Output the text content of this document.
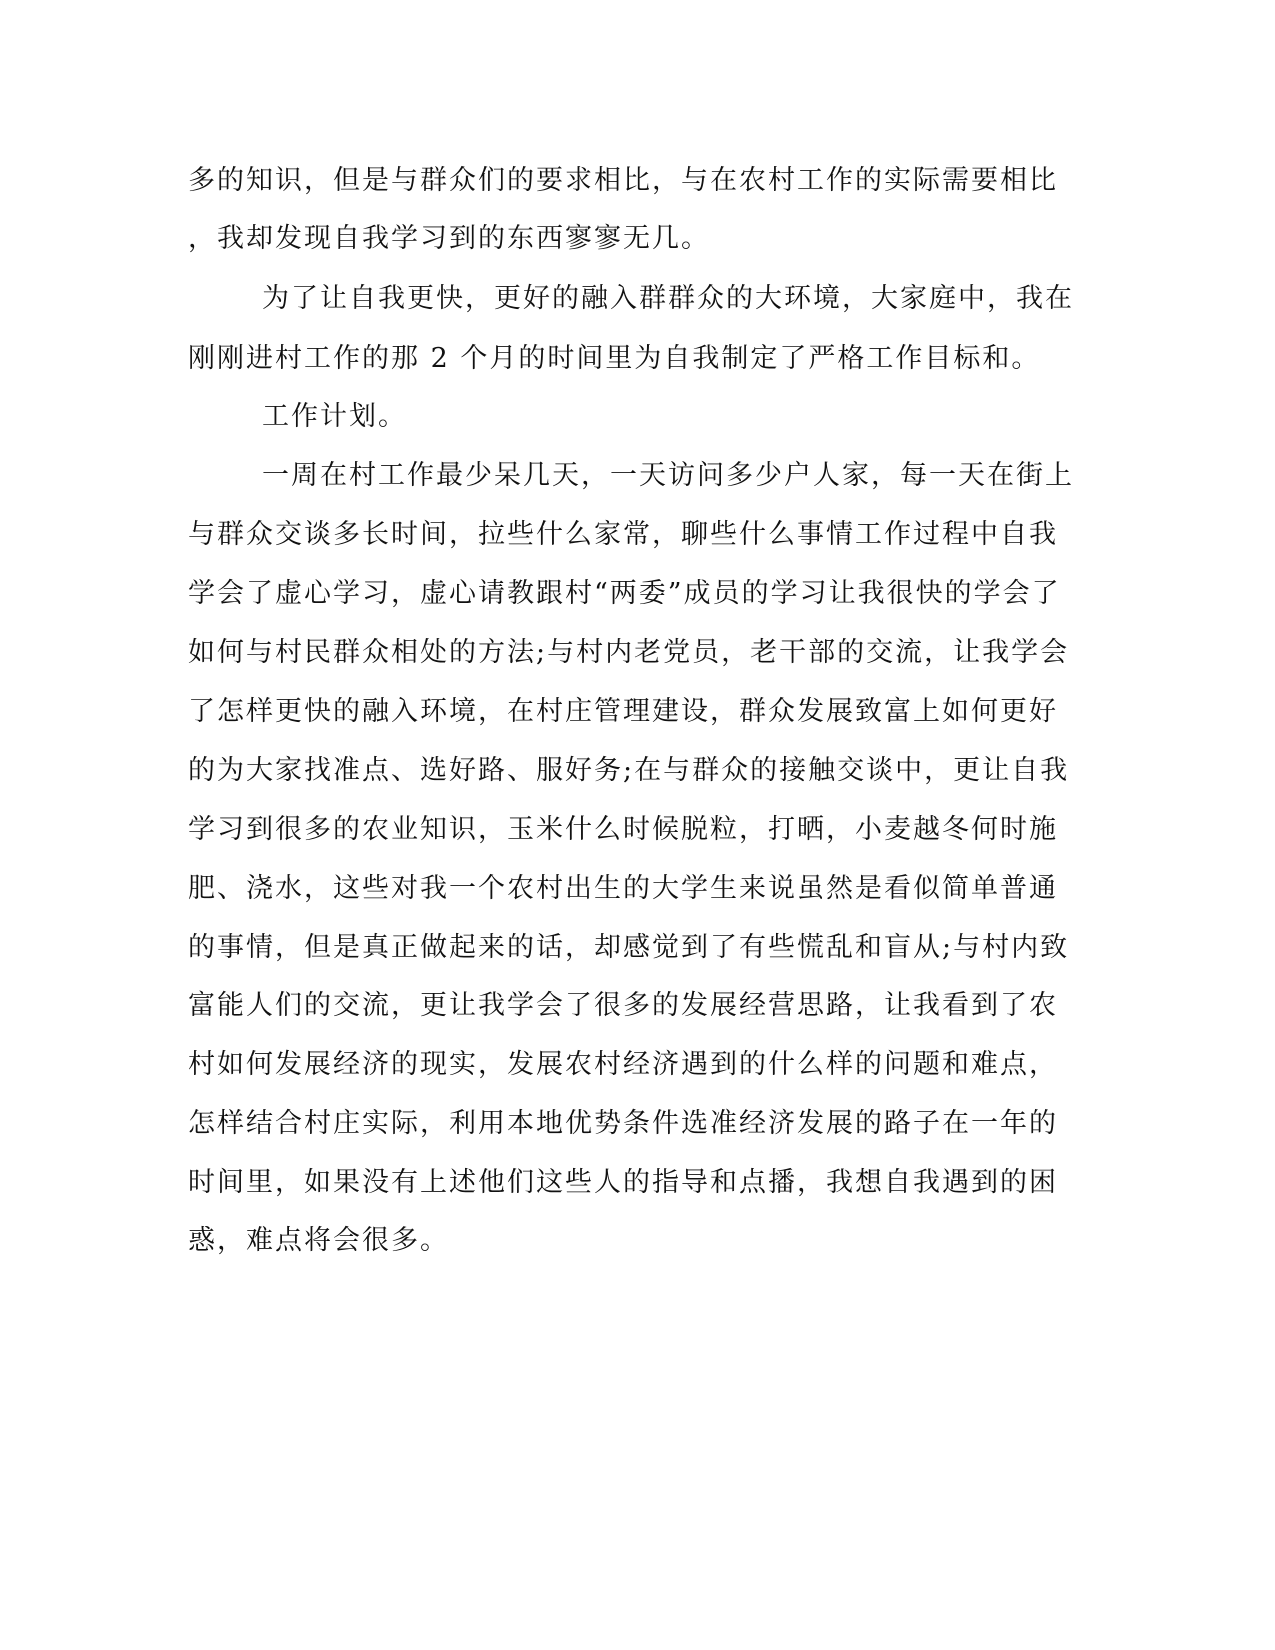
多的知识，但是与群众们的要求相比，与在农村工作的实际需要相比
，我却发现自我学习到的东西寥寥无几。
为了让自我更快，更好的融入群群众的大环境，大家庭中，我在
刚刚进村工作的那 2 个月的时间里为自我制定了严格工作目标和。
工作计划。
一周在村工作最少呆几天，一天访问多少户人家，每一天在街上
与群众交谈多长时间，拉些什么家常，聊些什么事情工作过程中自我
学会了虚心学习，虚心请教跟村“两委”成员的学习让我很快的学会了
如何与村民群众相处的方法;与村内老党员，老干部的交流，让我学会
了怎样更快的融入环境，在村庄管理建设，群众发展致富上如何更好
的为大家找准点、选好路、服好务;在与群众的接触交谈中，更让自我
学习到很多的农业知识，玉米什么时候脱粒，打晒，小麦越冬何时施
肥、浇水，这些对我一个农村出生的大学生来说虽然是看似简单普通
的事情，但是真正做起来的话，却感觉到了有些慌乱和盲从;与村内致
富能人们的交流，更让我学会了很多的发展经营思路，让我看到了农
村如何发展经济的现实，发展农村经济遇到的什么样的问题和难点，
怎样结合村庄实际，利用本地优势条件选准经济发展的路子在一年的
时间里，如果没有上述他们这些人的指导和点播，我想自我遇到的困
惑，难点将会很多。
